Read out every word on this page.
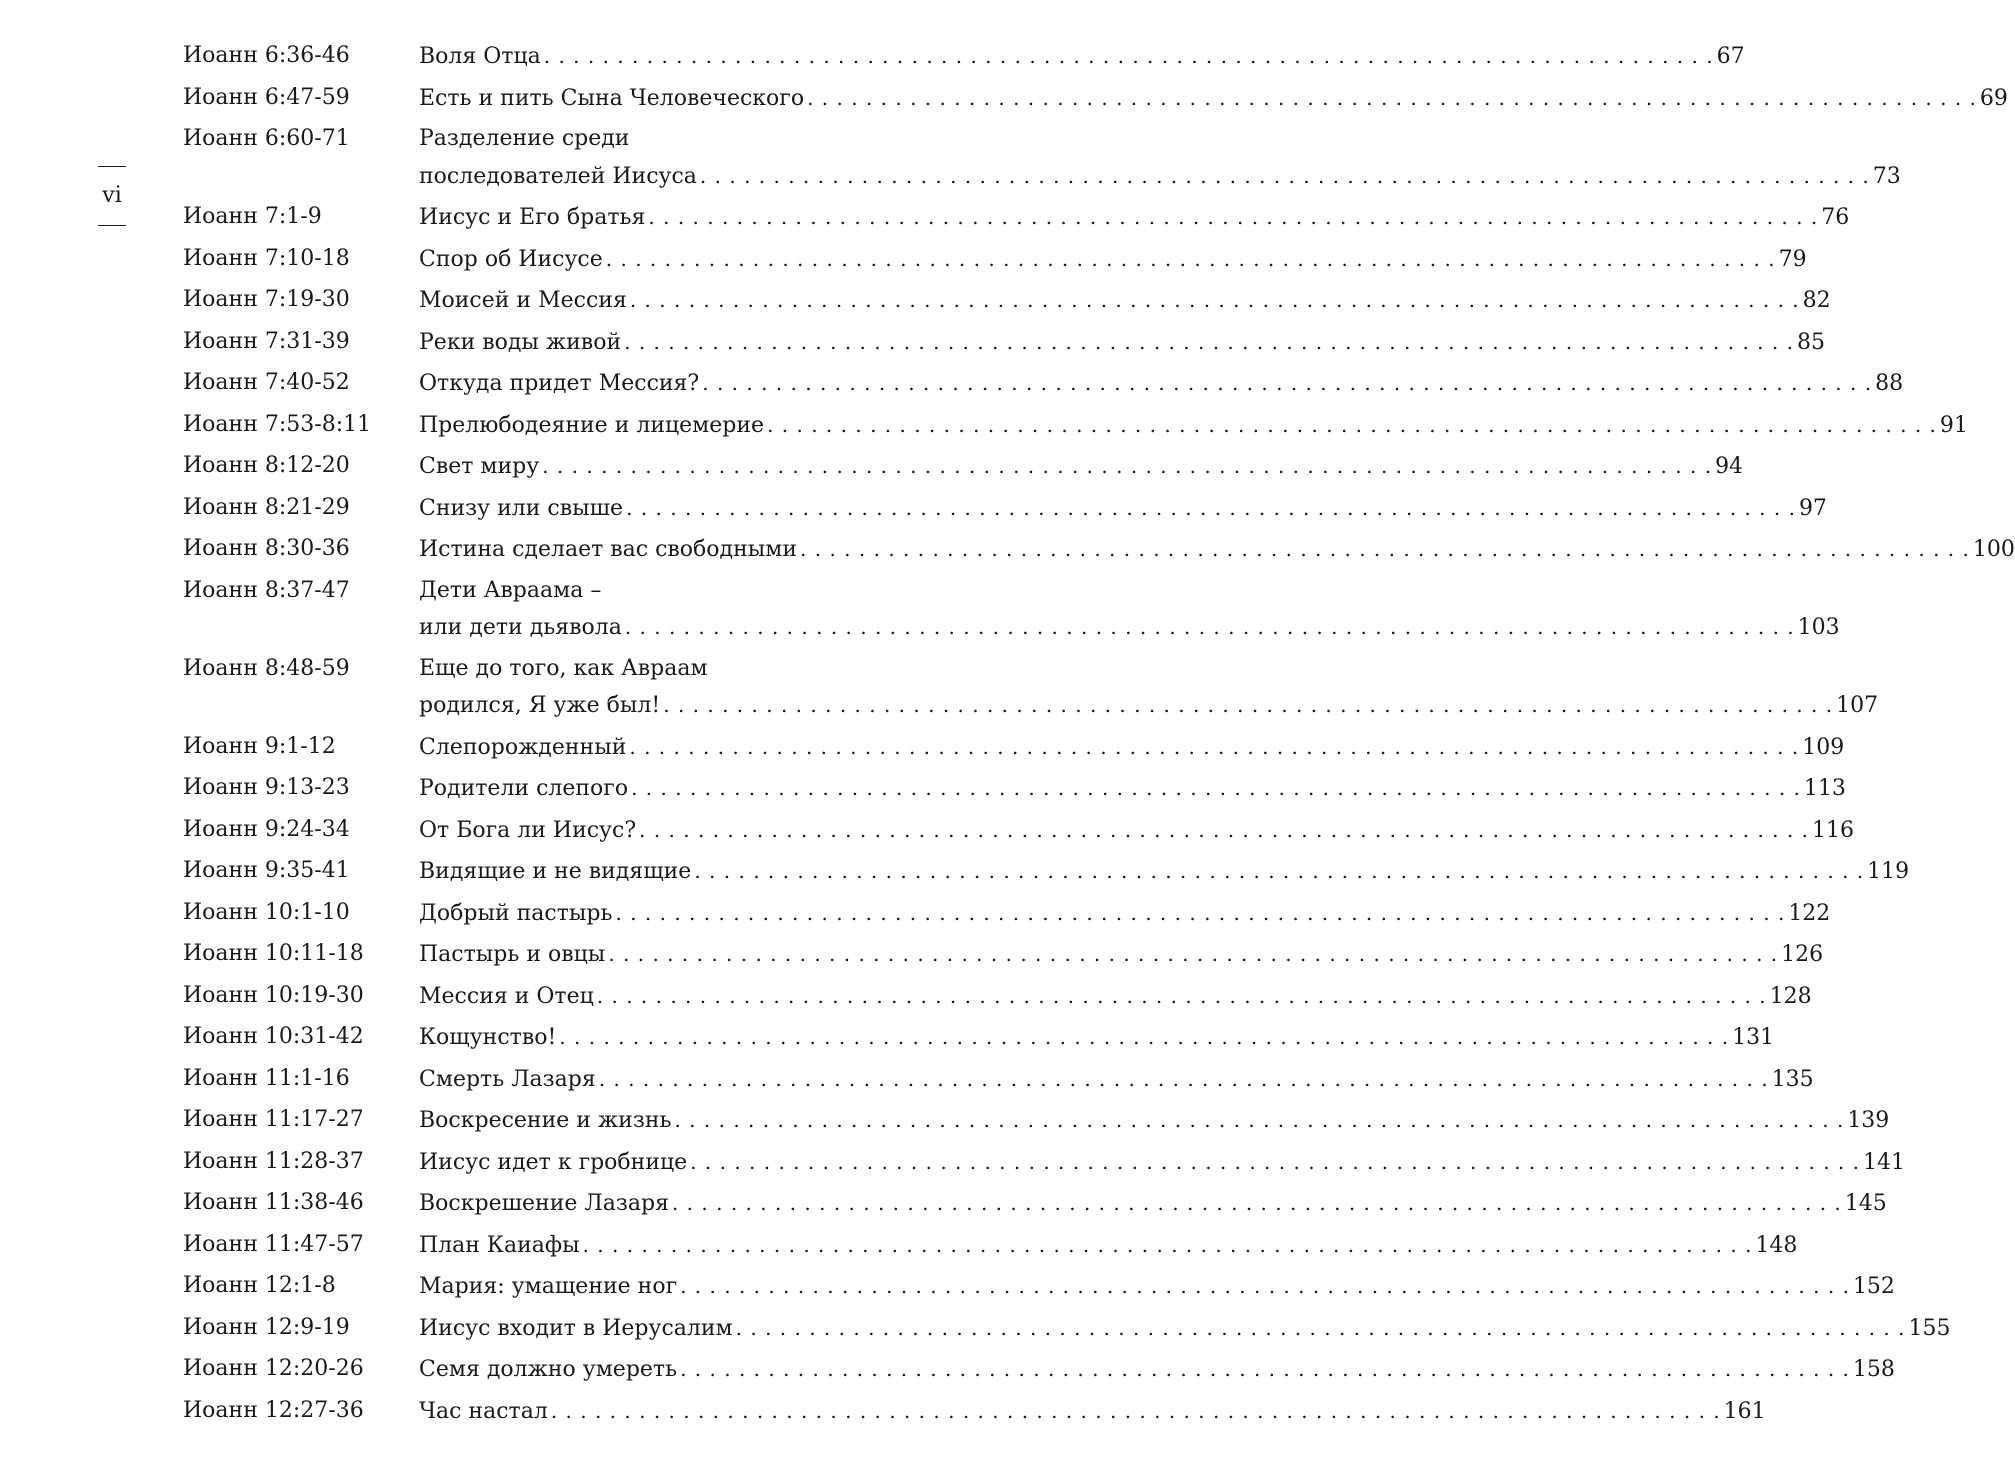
vi
Иоанн 6:36-46	Воля Отца . . .	67
Иоанн 6:47-59	Есть и пить Сына Человеческого . . .	69
Иоанн 6:60-71	Разделение среди
последователей Иисуса . . .	73
Иоанн 7:1-9	Иисус и Его братья . . .	76
Иоанн 7:10-18	Спор об Иисусе . . .	79
Иоанн 7:19-30	Моисей и Мессия . . .	82
Иоанн 7:31-39	Реки воды живой . . .	85
Иоанн 7:40-52	Откуда придет Мессия? . . .	88
Иоанн 7:53-8:11	Прелюбодеяние и лицемерие . . .	91
Иоанн 8:12-20	Свет миру . . .	94
Иоанн 8:21-29	Снизу или свыше . . .	97
Иоанн 8:30-36	Истина сделает вас свободными . . .	100
Иоанн 8:37-47	Дети Авраама –
или дети дьявола . . .	103
Иоанн 8:48-59	Еще до того, как Авраам
родился, Я уже был! . . .	107
Иоанн 9:1-12	Слепорожденный . . .	109
Иоанн 9:13-23	Родители слепого . . .	113
Иоанн 9:24-34	От Бога ли Иисус? . . .	116
Иоанн 9:35-41	Видящие и не видящие . . .	119
Иоанн 10:1-10	Добрый пастырь . . .	122
Иоанн 10:11-18	Пастырь и овцы . . .	126
Иоанн 10:19-30	Мессия и Отец . . .	128
Иоанн 10:31-42	Кощунство! . . .	131
Иоанн 11:1-16	Смерть Лазаря . . .	135
Иоанн 11:17-27	Воскресение и жизнь . . .	139
Иоанн 11:28-37	Иисус идет к гробнице . . .	141
Иоанн 11:38-46	Воскрешение Лазаря . . .	145
Иоанн 11:47-57	План Каиафы . . .	148
Иоанн 12:1-8	Мария: умащение ног . . .	152
Иоанн 12:9-19	Иисус входит в Иерусалим . . .	155
Иоанн 12:20-26	Семя должно умереть . . .	158
Иоанн 12:27-36	Час настал . . .	161
